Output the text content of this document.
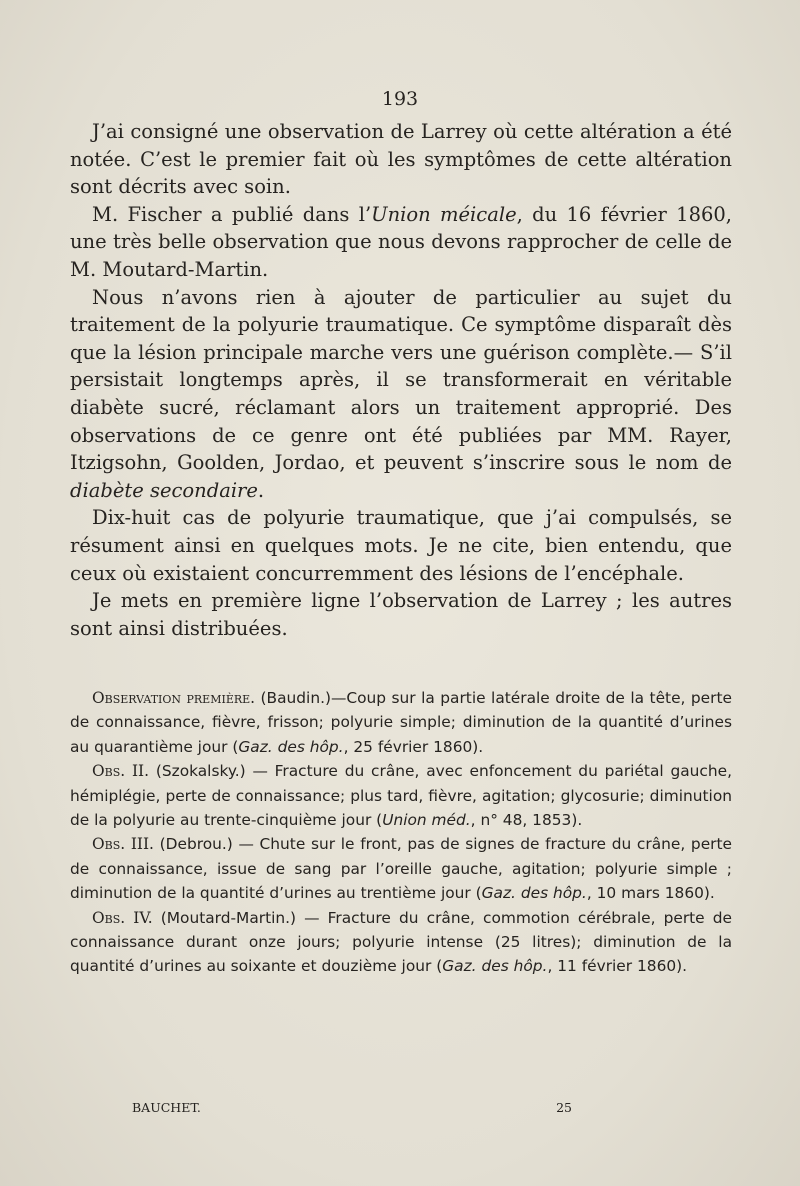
193

J’ai consigné une observation de Larrey où cette altération a été notée. C’est le premier fait où les symptômes de cette altération sont décrits avec soin.

M. Fischer a publié dans l’Union méicale, du 16 février 1860, une très belle observation que nous devons rapprocher de celle de M. Moutard-Martin.

Nous n’avons rien à ajouter de particulier au sujet du traitement de la polyurie traumatique. Ce symptôme disparaît dès que la lésion principale marche vers une guérison complète.— S’il persistait longtemps après, il se transformerait en véritable diabète sucré, réclamant alors un traitement approprié. Des observations de ce genre ont été publiées par MM. Rayer, Itzigsohn, Goolden, Jordao, et peuvent s’inscrire sous le nom de diabète secondaire.

Dix-huit cas de polyurie traumatique, que j’ai compulsés, se résument ainsi en quelques mots. Je ne cite, bien entendu, que ceux où existaient concurremment des lésions de l’encéphale.

Je mets en première ligne l’observation de Larrey ; les autres sont ainsi distribuées.

Observation première. (Baudin.)—Coup sur la partie latérale droite de la tête, perte de connaissance, fièvre, frisson; polyurie simple; diminution de la quantité d’urines au quarantième jour (Gaz. des hôp., 25 février 1860).

Obs. II. (Szokalsky.) — Fracture du crâne, avec enfoncement du pariétal gauche, hémiplégie, perte de connaissance; plus tard, fièvre, agitation; glycosurie; diminution de la polyurie au trente-cinquième jour (Union méd., n° 48, 1853).

Obs. III. (Debrou.) — Chute sur le front, pas de signes de fracture du crâne, perte de connaissance, issue de sang par l’oreille gauche, agitation; polyurie simple ; diminution de la quantité d’urines au trentième jour (Gaz. des hôp., 10 mars 1860).

Obs. IV. (Moutard-Martin.) — Fracture du crâne, commotion cérébrale, perte de connaissance durant onze jours; polyurie intense (25 litres); diminution de la quantité d’urines au soixante et douzième jour (Gaz. des hôp., 11 février 1860).

BAUCHET.	25
